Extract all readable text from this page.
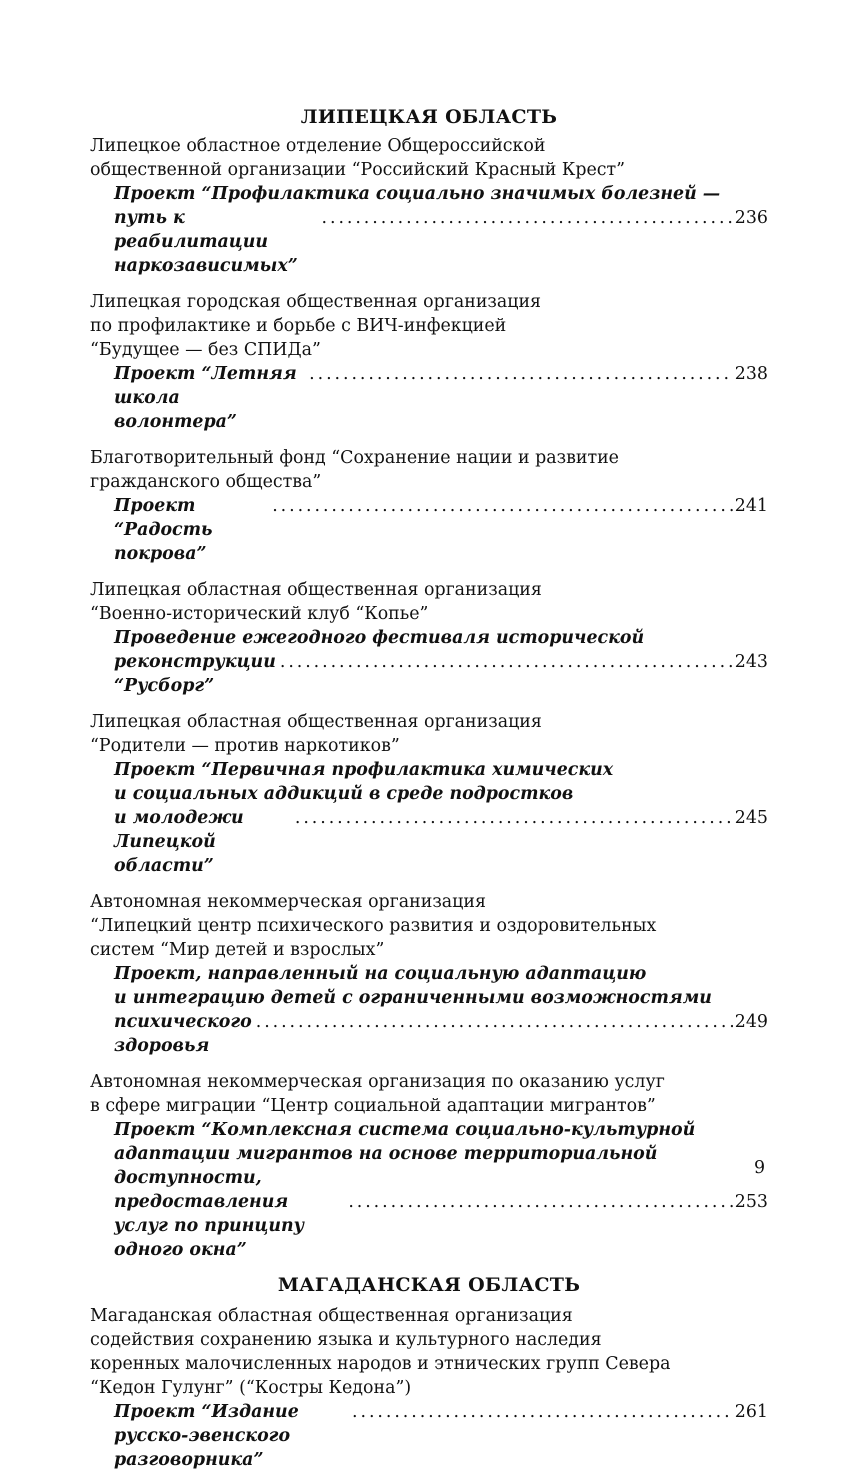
ЛИПЕЦКАЯ ОБЛАСТЬ
Липецкое областное отделение Общероссийской
общественной организации “Российский Красный Крест”
Проект “Профилактика социально значимых болезней —
путь к реабилитации наркозависимых”
. . .
236
Липецкая городская общественная организация
по профилактике и борьбе с ВИЧ-инфекцией
“Будущее — без СПИДа”
Проект “Летняя школа волонтера”
. . .
238
Благотворительный фонд “Сохранение нации и развитие
гражданского общества”
Проект “Радость покрова”
. . .
241
Липецкая областная общественная организация
“Военно-исторический клуб “Копье”
Проведение ежегодного фестиваля исторической
реконструкции “Русборг”
. . .
243
Липецкая областная общественная организация
“Родители — против наркотиков”
Проект “Первичная профилактика химических
и социальных аддикций в среде подростков
и молодежи Липецкой области”
. . .
245
Автономная некоммерческая организация
“Липецкий центр психического развития и оздоровительных
систем “Мир детей и взрослых”
Проект, направленный на социальную адаптацию
и интеграцию детей с ограниченными возможностями
психического здоровья
. . .
249
Автономная некоммерческая организация по оказанию услуг
в сфере миграции “Центр социальной адаптации мигрантов”
Проект “Комплексная система социально-культурной
адаптации мигрантов на основе территориальной доступности,
предоставления услуг по принципу одного окна”
. . .
253
МАГАДАНСКАЯ ОБЛАСТЬ
Магаданская областная общественная организация
содействия сохранению языка и культурного наследия
коренных малочисленных народов и этнических групп Севера
“Кедон Гулунг” (“Костры Кедона”)
Проект “Издание русско-эвенского разговорника”
. . .
261
9
